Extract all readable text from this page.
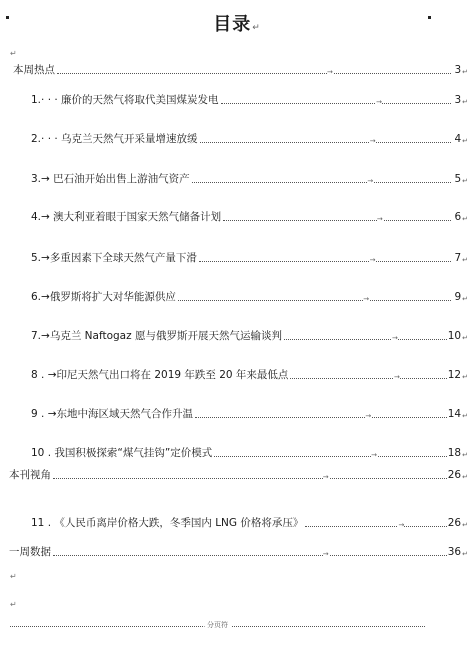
目录↵
↵
本周热点	→	3 ↵
1.· · · 廉价的天然气将取代美国煤炭发电	→	3 ↵
2.· · · 乌克兰天然气开采量增速放缓	→	4 ↵
3.→ 巴石油开始出售上游油气资产	→	5 ↵
4.→ 澳大利亚着眼于国家天然气储备计划	→	6 ↵
5.→多重因素下全球天然气产量下滑	→	7 ↵
6.→俄罗斯将扩大对华能源供应	→	9 ↵
7.→乌克兰 Naftogaz 愿与俄罗斯开展天然气运输谈判	→	10 ↵
8 . →印尼天然气出口将在 2019 年跌至 20 年来最低点	→	12 ↵
9 . →东地中海区域天然气合作升温	→	14 ↵
10 . 我国积极探索“煤气挂钩”定价模式	→	18 ↵
本刊视角	→	26 ↵
11 . 《人民币离岸价格大跌，冬季国内 LNG 价格将承压》	→	26 ↵
一周数据	→	36 ↵
↵
↵
分页符
